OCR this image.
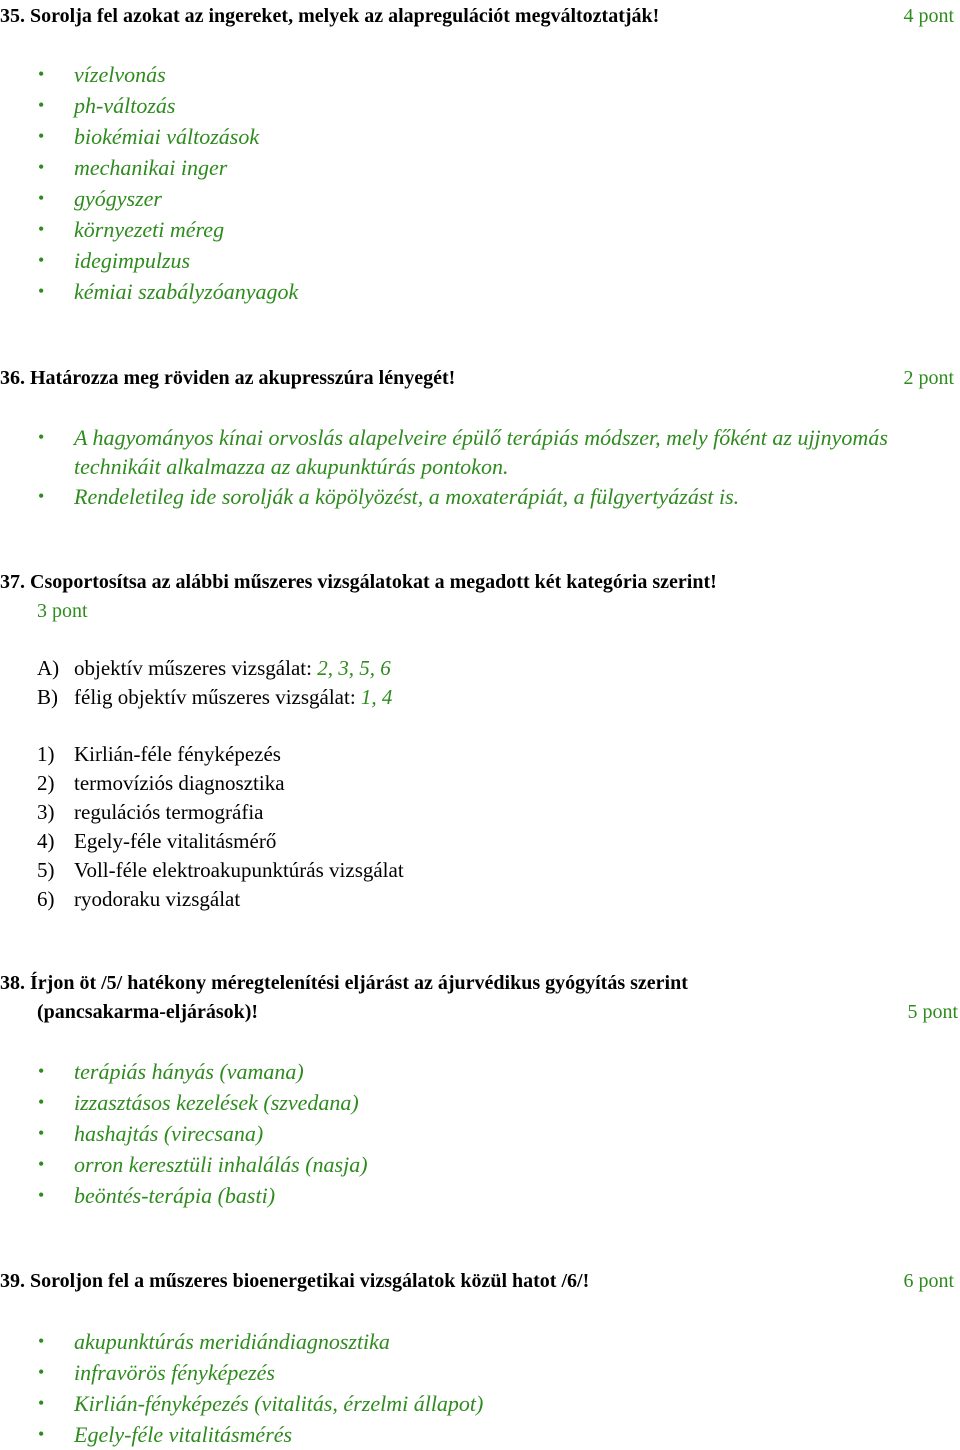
35. Sorolja fel azokat az ingereket, melyek az alapregulációt megváltoztatják!	4 pont
• vízelvonás
• ph-változás
• biokémiai változások
• mechanikai inger
• gyógyszer
• környezeti méreg
• idegimpulzus
• kémiai szabályzóanyagok
36. Határozza meg röviden az akupresszúra lényegét!	2 pont
• A hagyományos kínai orvoslás alapelveire épülő terápiás módszer, mely főként az ujjnyomás technikáit alkalmazza az akupunktúrás pontokon.
• Rendeletileg ide sorolják a köpölyözést, a moxaterápiát, a fülgyertyázást is.
37. Csoportosítsa az alábbi műszeres vizsgálatokat a megadott két kategória szerint!
3 pont
A) objektív műszeres vizsgálat: 2, 3, 5, 6
B) félig objektív műszeres vizsgálat: 1, 4
1) Kirlián-féle fényképezés
2) termovíziós diagnosztika
3) regulációs termográfia
4) Egely-féle vitalitásmérő
5) Voll-féle elektroakupunktúrás vizsgálat
6) ryodoraku vizsgálat
38. Írjon öt /5/ hatékony méregtelenítési eljárást az ájurvédikus gyógyítás szerint
(pancsakarma-eljárások)!	5 pont
• terápiás hányás (vamana)
• izzasztásos kezelések (szvedana)
• hashajtás (virecsana)
• orron keresztüli inhalálás (nasja)
• beöntés-terápia (basti)
39. Soroljon fel a műszeres bioenergetikai vizsgálatok közül hatot /6/!	6 pont
• akupunktúrás meridiándiagnosztika
• infravörös fényképezés
• Kirlián-fényképezés (vitalitás, érzelmi állapot)
• Egely-féle vitalitásmérés
